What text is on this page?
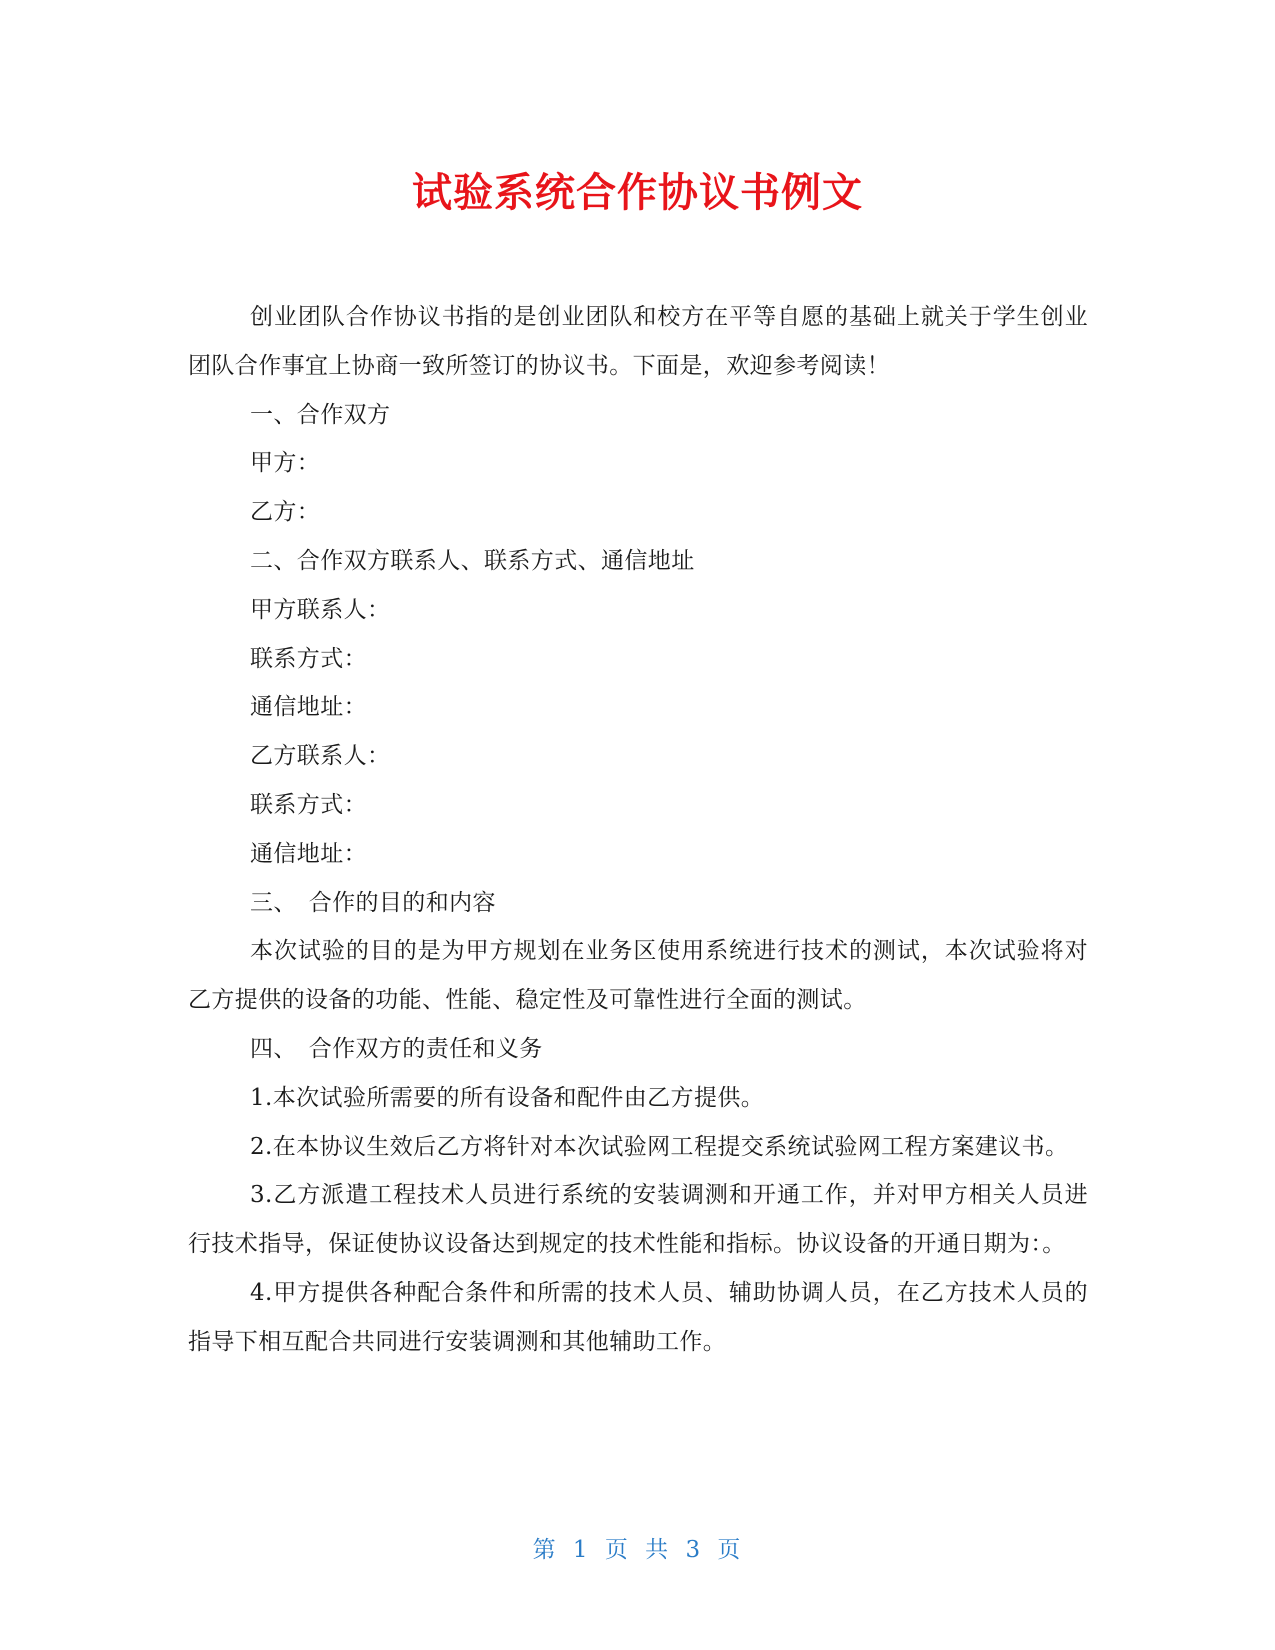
试验系统合作协议书例文

创业团队合作协议书指的是创业团队和校方在平等自愿的基础上就关于学生创业团队合作事宜上协商一致所签订的协议书。下面是，欢迎参考阅读！

一、合作双方

甲方：

乙方：

二、合作双方联系人、联系方式、通信地址

甲方联系人：

联系方式：

通信地址：

乙方联系人：

联系方式：

通信地址：

三、　合作的目的和内容

本次试验的目的是为甲方规划在业务区使用系统进行技术的测试，本次试验将对乙方提供的设备的功能、性能、稳定性及可靠性进行全面的测试。

四、　合作双方的责任和义务

1.本次试验所需要的所有设备和配件由乙方提供。

2.在本协议生效后乙方将针对本次试验网工程提交系统试验网工程方案建议书。

3.乙方派遣工程技术人员进行系统的安装调测和开通工作，并对甲方相关人员进行技术指导，保证使协议设备达到规定的技术性能和指标。协议设备的开通日期为：。

4.甲方提供各种配合条件和所需的技术人员、辅助协调人员，在乙方技术人员的指导下相互配合共同进行安装调测和其他辅助工作。

第 1 页 共 3 页
